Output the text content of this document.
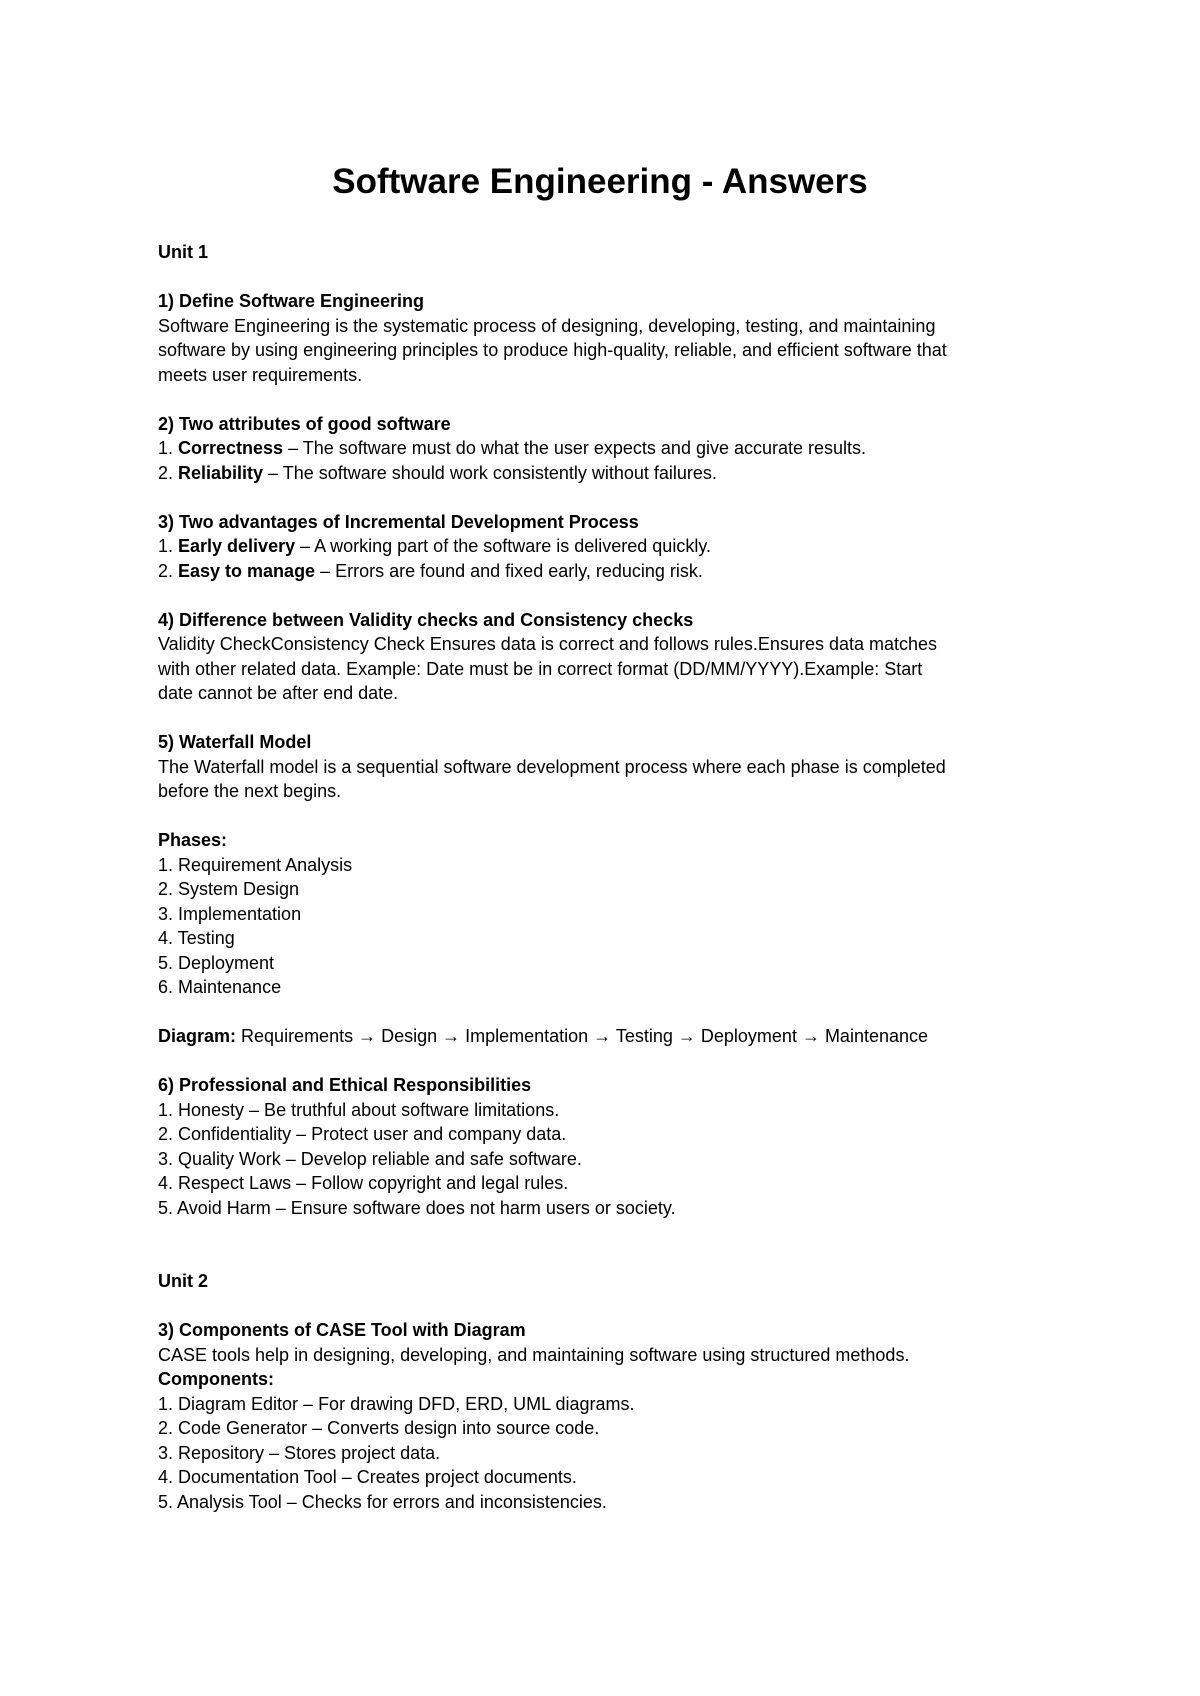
Software Engineering - Answers
Unit 1
1) Define Software Engineering
Software Engineering is the systematic process of designing, developing, testing, and maintaining
software by using engineering principles to produce high-quality, reliable, and efficient software that
meets user requirements.
2) Two attributes of good software
1. Correctness – The software must do what the user expects and give accurate results.
2. Reliability – The software should work consistently without failures.
3) Two advantages of Incremental Development Process
1. Early delivery – A working part of the software is delivered quickly.
2. Easy to manage – Errors are found and fixed early, reducing risk.
4) Difference between Validity checks and Consistency checks
Validity CheckConsistency Check Ensures data is correct and follows rules.Ensures data matches
with other related data. Example: Date must be in correct format (DD/MM/YYYY).Example: Start
date cannot be after end date.
5) Waterfall Model
The Waterfall model is a sequential software development process where each phase is completed
before the next begins.
Phases:
1. Requirement Analysis
2. System Design
3. Implementation
4. Testing
5. Deployment
6. Maintenance
Diagram: Requirements → Design → Implementation → Testing → Deployment → Maintenance
6) Professional and Ethical Responsibilities
1. Honesty – Be truthful about software limitations.
2. Confidentiality – Protect user and company data.
3. Quality Work – Develop reliable and safe software.
4. Respect Laws – Follow copyright and legal rules.
5. Avoid Harm – Ensure software does not harm users or society.
Unit 2
3) Components of CASE Tool with Diagram
CASE tools help in designing, developing, and maintaining software using structured methods.
Components:
1. Diagram Editor – For drawing DFD, ERD, UML diagrams.
2. Code Generator – Converts design into source code.
3. Repository – Stores project data.
4. Documentation Tool – Creates project documents.
5. Analysis Tool – Checks for errors and inconsistencies.
